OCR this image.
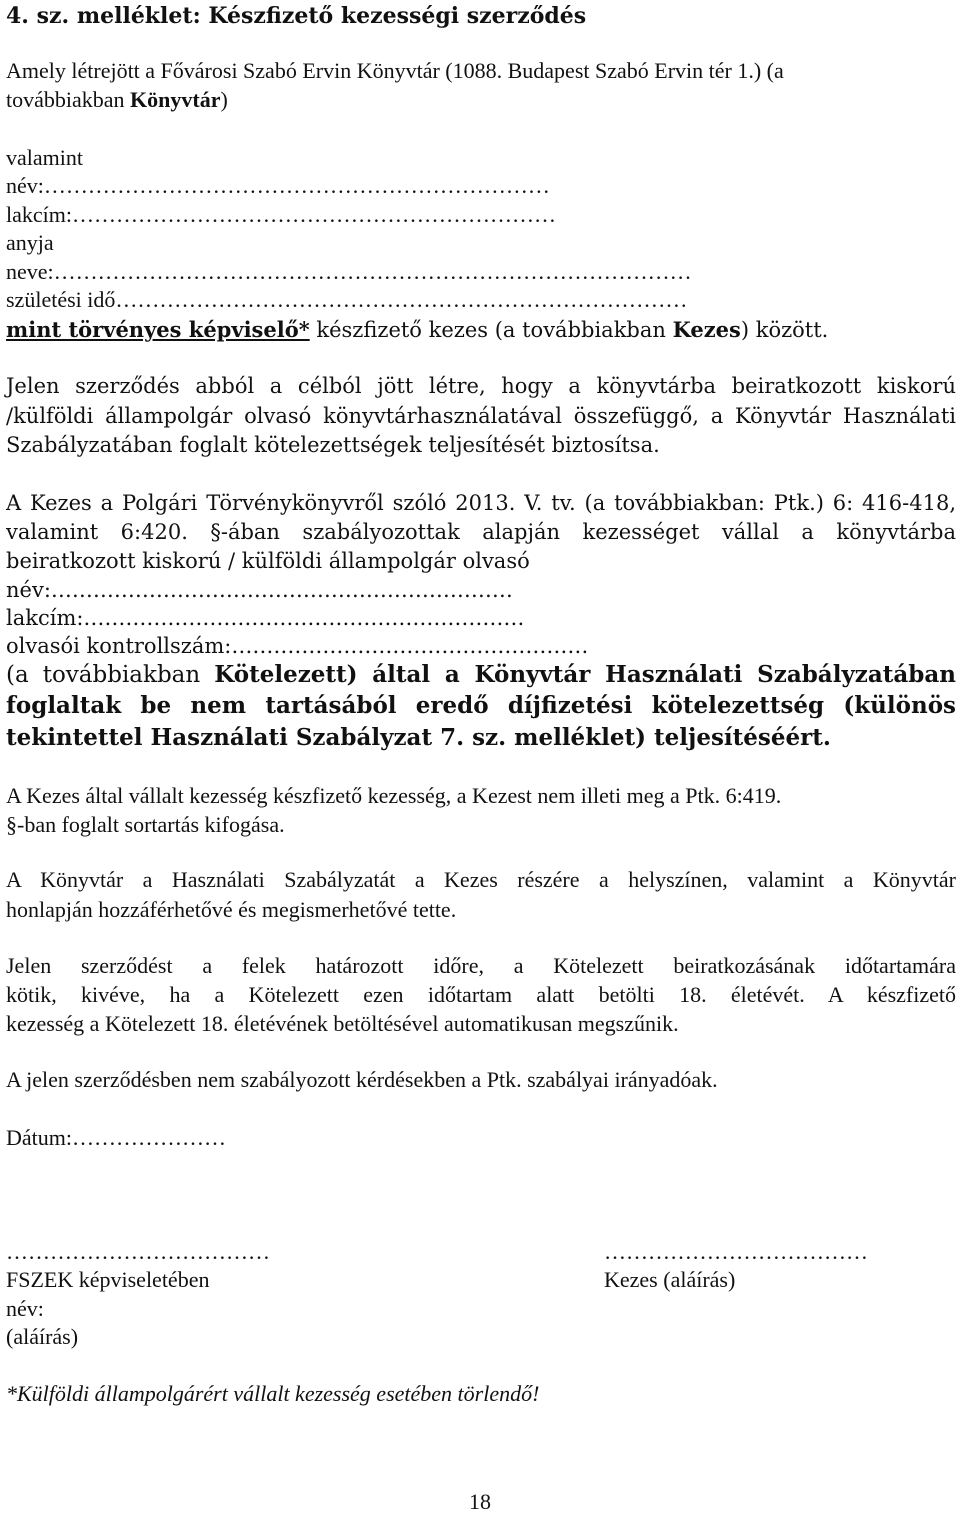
4. sz. melléklet: Készfizető kezességi szerződés
Amely létrejött a Fővárosi Szabó Ervin Könyvtár (1088. Budapest Szabó Ervin tér 1.) (a
továbbiakban Könyvtár)
valamint
név:……………………………………………………………
lakcím:…………………………………………………………
anyja
neve:……………………………………………………………………………
születési idő……………………………………………………………………
mint törvényes képviselő* készfizető kezes (a továbbiakban Kezes) között.
Jelen szerződés abból a célból jött létre, hogy a könyvtárba beiratkozott kiskorú
/külföldi állampolgár olvasó könyvtárhasználatával összefüggő, a Könyvtár Használati
Szabályzatában foglalt kötelezettségek teljesítését biztosítsa.
A Kezes a Polgári Törvénykönyvről szóló 2013. V. tv. (a továbbiakban: Ptk.) 6: 416-418,
valamint 6:420. §-ában szabályozottak alapján kezességet vállal a könyvtárba
beiratkozott kiskorú / külföldi állampolgár olvasó
név:…………………………………………………………
lakcím:………………………………………………………
olvasói kontrollszám:……………………………………………
(a továbbiakban Kötelezett) által a Könyvtár Használati Szabályzatában
foglaltak be nem tartásából eredő díjfizetési kötelezettség (különös
tekintettel Használati Szabályzat 7. sz. melléklet) teljesítéséért.
A Kezes által vállalt kezesség készfizető kezesség, a Kezest nem illeti meg a Ptk. 6:419.
§-ban foglalt sortartás kifogása.
A Könyvtár a Használati Szabályzatát a Kezes részére a helyszínen, valamint a Könyvtár
honlapján hozzáférhetővé és megismerhetővé tette.
Jelen szerződést a felek határozott időre, a Kötelezett beiratkozásának időtartamára
kötik, kivéve, ha a Kötelezett ezen időtartam alatt betölti 18. életévét. A készfizető
kezesség a Kötelezett 18. életévének betöltésével automatikusan megszűnik.
A jelen szerződésben nem szabályozott kérdésekben a Ptk. szabályai irányadóak.
Dátum:…………………
………………………………	………………………………
FSZEK képviseletében	Kezes (aláírás)
név:
(aláírás)
*Külföldi állampolgárért vállalt kezesség esetében törlendő!
18
